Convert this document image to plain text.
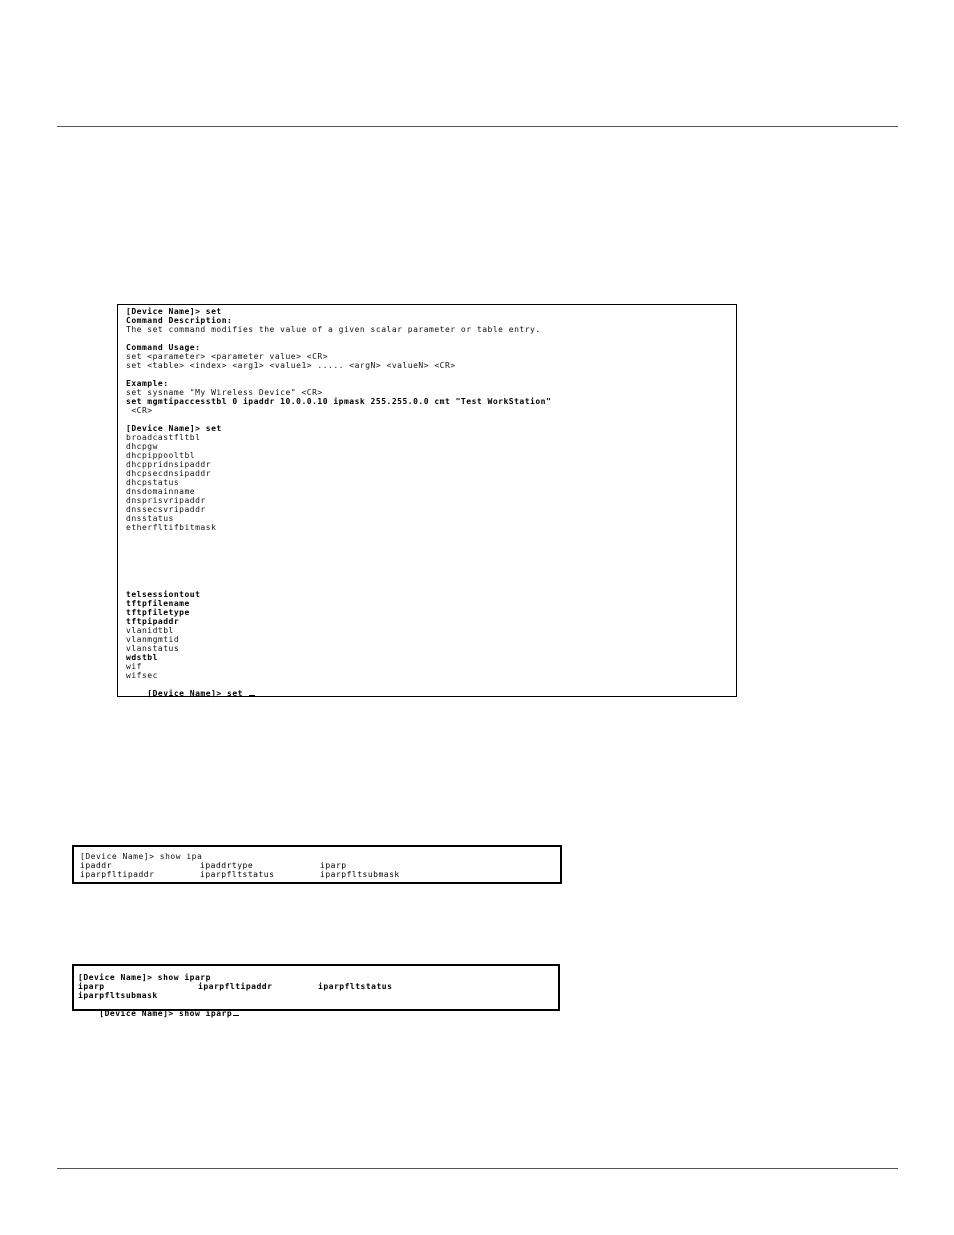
[Device Name]> set
Command Description:
The set command modifies the value of a given scalar parameter or table entry.
Command Usage:
set <parameter> <parameter value> <CR>
set <table> <index> <arg1> <value1> ..... <argN> <valueN> <CR>
Example:
set sysname "My Wireless Device" <CR>
set mgmtipaccesstbl 0 ipaddr 10.0.0.10 ipmask 255.255.0.0 cmt "Test WorkStation"
<CR>
[Device Name]> set
broadcastfltbl
dhcpgw
dhcpippooltbl
dhcppridnsipaddr
dhcpsecdnsipaddr
dhcpstatus
dnsdomainname
dnsprisvripaddr
dnssecsvripaddr
dnsstatus
etherfltifbitmask
telsessiontout
tftpfilename
tftpfiletype
tftpipaddr
vlanidtbl
vlanmgmtid
vlanstatus
wdstbl
wif
wifsec

[Device Name]> set

[Device Name]> show ipa
ipaddr	ipaddrtype	iparp
iparpfltipaddr	iparpfltstatus	iparpfltsubmask
[Device Name]> show iparp
iparp	iparpfltipaddr	iparpfltstatus
iparpfltsubmask

[Device Name]> show iparp
